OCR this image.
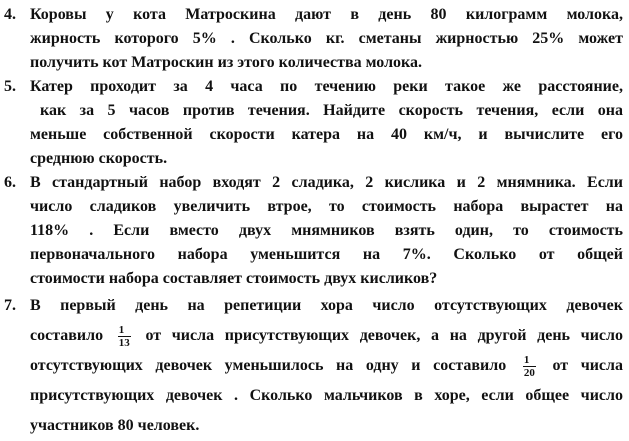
4. Коровы у кота Матроскина дают в день 80 килограмм молока,
жирность которого 5% . Сколько кг. сметаны жирностью 25% может
получить кот Матроскин из этого количества молока.
5. Катер проходит за 4 часа по течению реки такое же расстояние,
как за 5 часов против течения. Найдите скорость течения, если она
меньше собственной скорости катера на 40 км/ч, и вычислите его
среднюю скорость.
6. В стандартный набор входят 2 сладика, 2 кислика и 2 мнямника. Если
число сладиков увеличить втрое, то стоимость набора вырастет на
118% . Если вместо двух мнямников взять один, то стоимость
первоначального набора уменьшится на 7%. Сколько от общей
стоимости набора составляет стоимость двух кисликов?
7. В первый день на репетиции хора число отсутствующих девочек
составило $\frac{1}{13}$ от числа присутствующих девочек, а на другой день число
отсутствующих девочек уменьшилось на одну и составило $\frac{1}{20}$ от числа
присутствующих девочек . Сколько мальчиков в хоре, если общее число
участников 80 человек.
